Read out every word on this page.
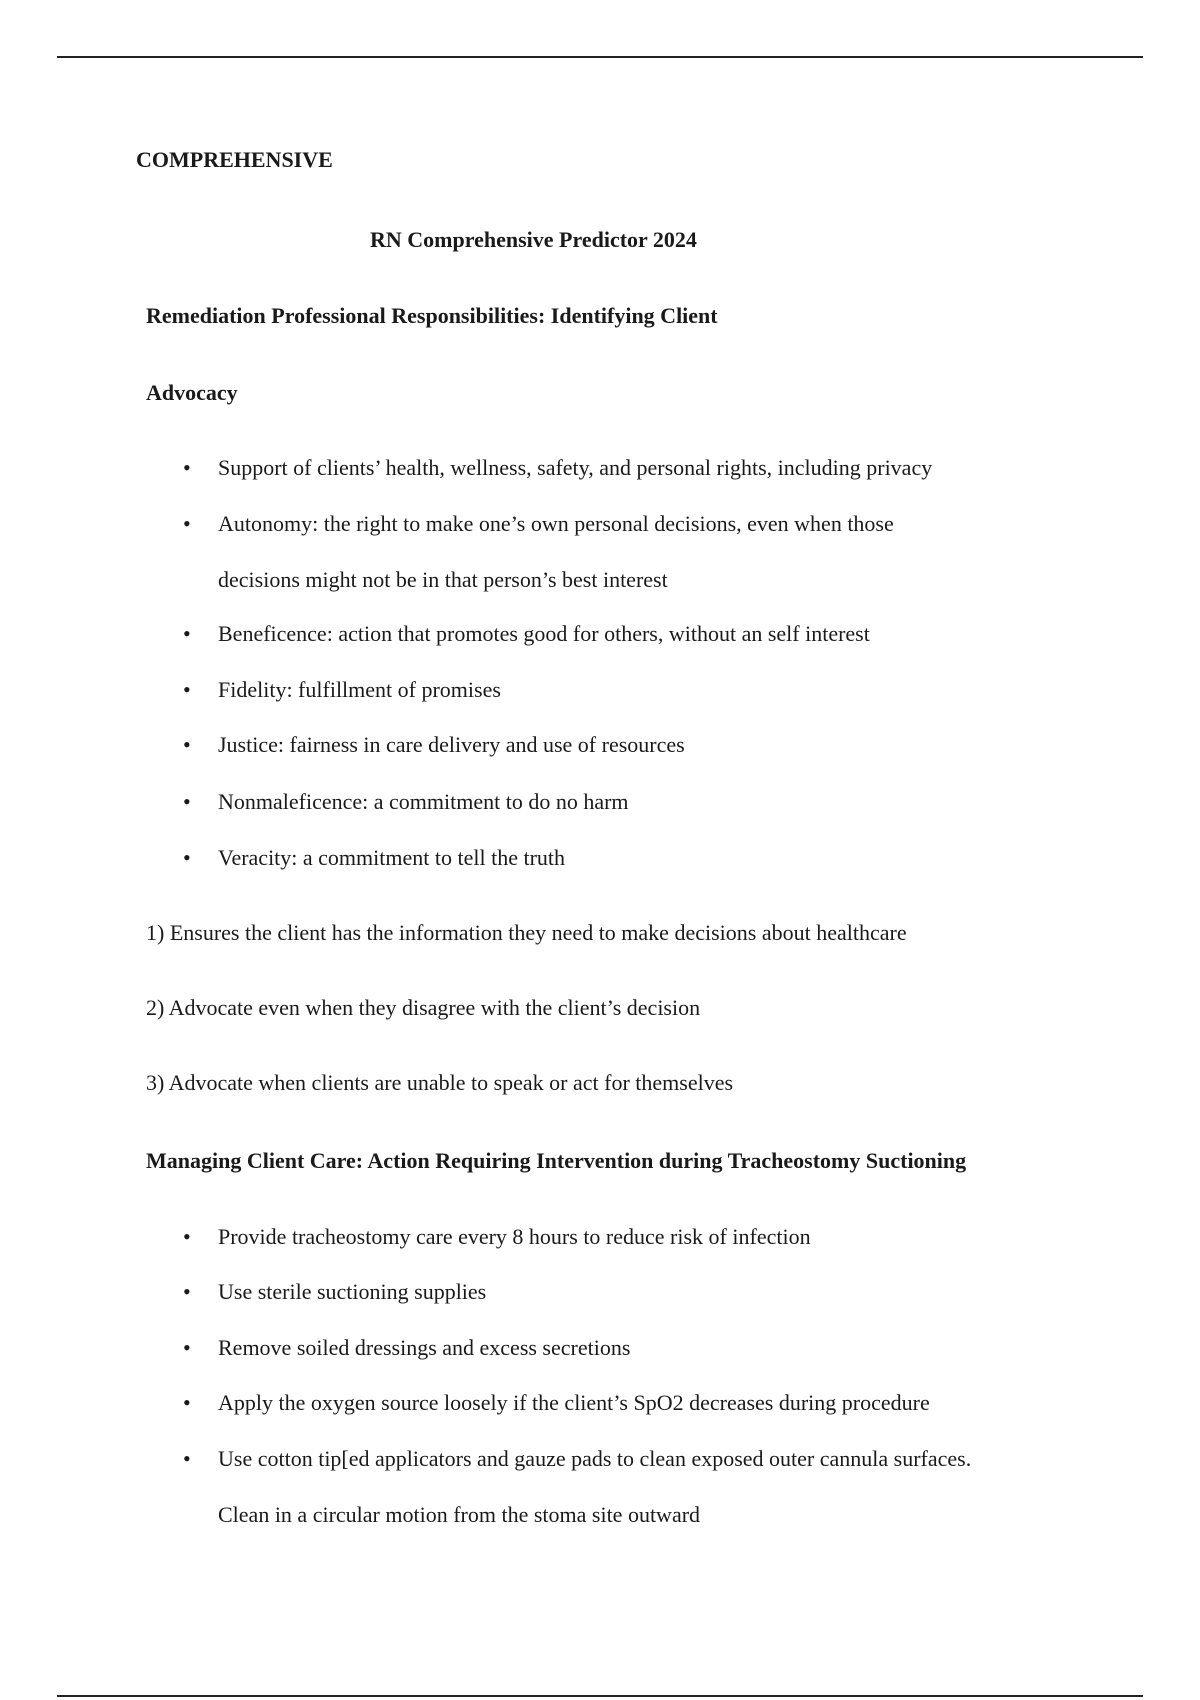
COMPREHENSIVE
RN Comprehensive Predictor 2024
Remediation Professional Responsibilities: Identifying Client
Advocacy
•	Support of clients’ health, wellness, safety, and personal rights, including privacy
•	Autonomy: the right to make one’s own personal decisions, even when those
decisions might not be in that person’s best interest
•	Beneficence: action that promotes good for others, without an self interest
•	Fidelity: fulfillment of promises
•	Justice: fairness in care delivery and use of resources
•	Nonmaleficence: a commitment to do no harm
•	Veracity: a commitment to tell the truth
1) Ensures the client has the information they need to make decisions about healthcare
2) Advocate even when they disagree with the client’s decision
3) Advocate when clients are unable to speak or act for themselves
Managing Client Care: Action Requiring Intervention during Tracheostomy Suctioning
•	Provide tracheostomy care every 8 hours to reduce risk of infection
•	Use sterile suctioning supplies
•	Remove soiled dressings and excess secretions
•	Apply the oxygen source loosely if the client’s SpO2 decreases during procedure
•	Use cotton tip[ed applicators and gauze pads to clean exposed outer cannula surfaces.
Clean in a circular motion from the stoma site outward
